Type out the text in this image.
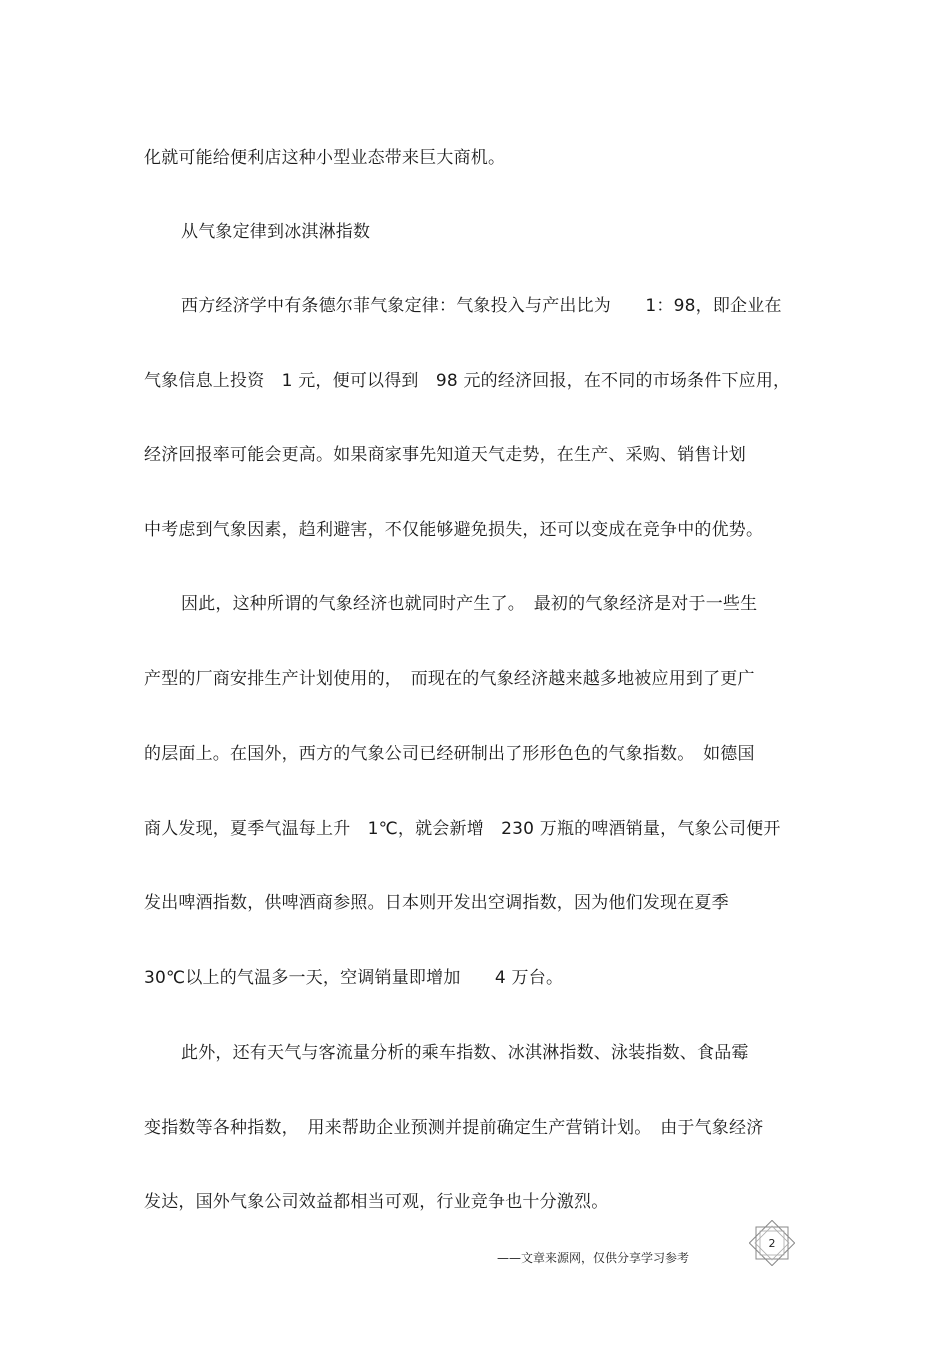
化就可能给便利店这种小型业态带来巨大商机。
从气象定律到冰淇淋指数
西方经济学中有条德尔菲气象定律：气象投入与产出比为　　1：98，即企业在
气象信息上投资　1 元，便可以得到　98 元的经济回报，在不同的市场条件下应用，
经济回报率可能会更高。如果商家事先知道天气走势，在生产、采购、销售计划
中考虑到气象因素，趋利避害，不仅能够避免损失，还可以变成在竞争中的优势。
因此，这种所谓的气象经济也就同时产生了。　最初的气象经济是对于一些生
产型的厂商安排生产计划使用的，　而现在的气象经济越来越多地被应用到了更广
的层面上。在国外，西方的气象公司已经研制出了形形色色的气象指数。　如德国
商人发现，夏季气温每上升　1℃，就会新增　230 万瓶的啤酒销量，气象公司便开
发出啤酒指数，供啤酒商参照。日本则开发出空调指数，因为他们发现在夏季
30℃以上的气温多一天，空调销量即增加　　4 万台。
此外，还有天气与客流量分析的乘车指数、冰淇淋指数、泳装指数、食品霉
变指数等各种指数，　用来帮助企业预测并提前确定生产营销计划。　由于气象经济
发达，国外气象公司效益都相当可观，行业竞争也十分激烈。
2
——文章来源网，仅供分享学习参考
